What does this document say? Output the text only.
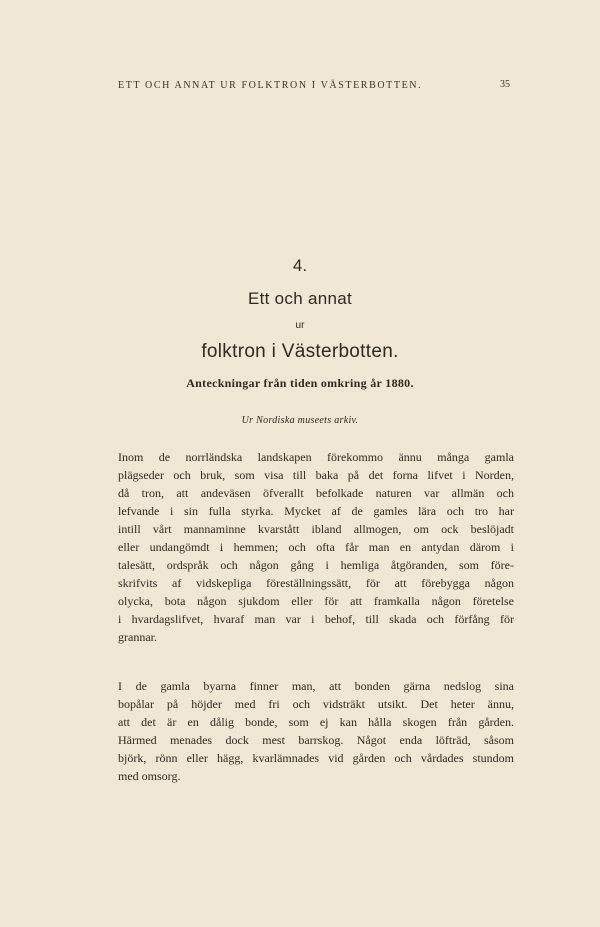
ETT OCH ANNAT UR FOLKTRON I VÄSTERBOTTEN.	35
4.
Ett och annat
ur
folktron i Västerbotten.
Anteckningar från tiden omkring år 1880.
Ur Nordiska museets arkiv.
Inom de norrländska landskapen förekommo ännu många gamla
plägseder och bruk, som visa till baka på det forna lifvet i Norden,
då tron, att andeväsen öfverallt befolkade naturen var allmän och
lefvande i sin fulla styrka. Mycket af de gamles lära och tro har
intill vårt mannaminne kvarstått ibland allmogen, om ock beslöjadt
eller undangömdt i hemmen; och ofta får man en antydan därom i
talesätt, ordspråk och någon gång i hemliga åtgöranden, som före-
skrifvits af vidskepliga föreställningssätt, för att förebygga någon
olycka, bota någon sjukdom eller för att framkalla någon företelse
i hvardagslifvet, hvaraf man var i behof, till skada och förfång för
grannar.
I de gamla byarna finner man, att bonden gärna nedslog sina
bopålar på höjder med fri och vidsträkt utsikt. Det heter ännu,
att det är en dålig bonde, som ej kan hålla skogen från gården.
Härmed menades dock mest barrskog. Något enda löfträd, såsom
björk, rönn eller hägg, kvarlämnades vid gården och vårdades stundom
med omsorg.
